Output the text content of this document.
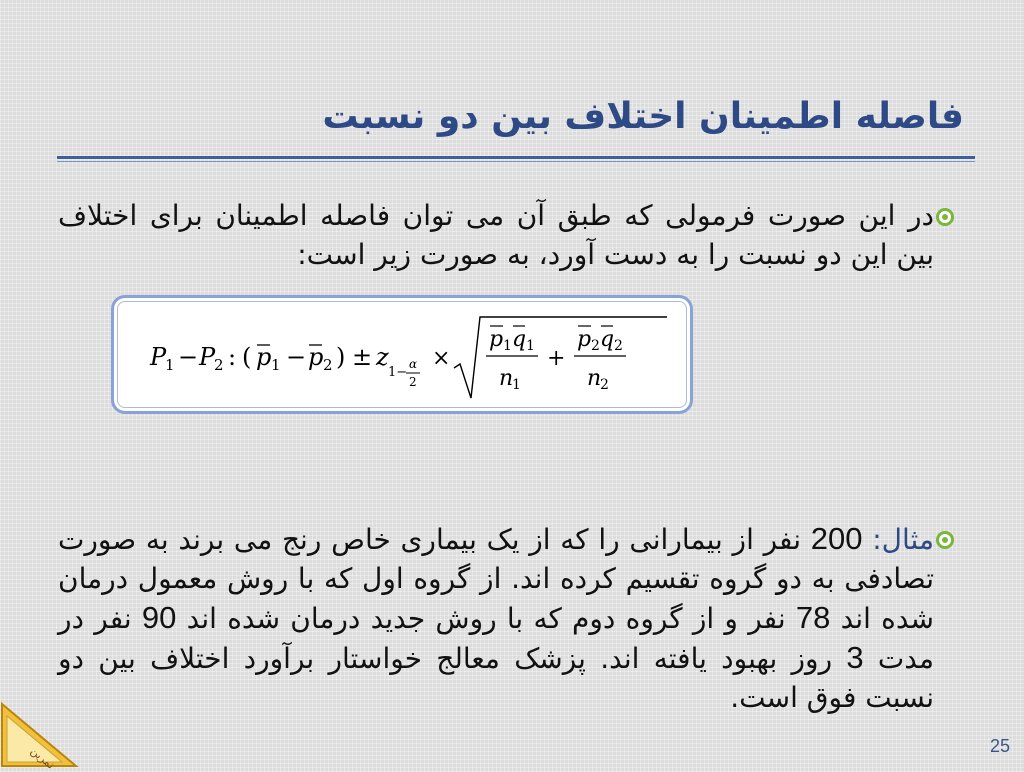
فاصله اطمینان اختلاف بین دو نسبت
در این صورت فرمولی که طبق آن می توان فاصله اطمینان برای اختلاف بین این دو نسبت را به دست آورد، به صورت زیر است:
P
1 − P
2 : ( p 1 − p 2 ) ± z
1−
α
2
×
p 1 q 1
n
1
+
p 2 q 2
n
2
مثال: 200 نفر از بیمارانی را که از یک بیماری خاص رنج می برند به صورت تصادفی به دو گروه تقسیم کرده اند. از گروه اول که با روش معمول درمان شده اند 78 نفر و از گروه دوم که با روش جدید درمان شده اند 90 نفر در مدت 3 روز بهبود یافته اند. پزشک معالج خواستار برآورد اختلاف بین دو نسبت فوق است.
تمرین	25
